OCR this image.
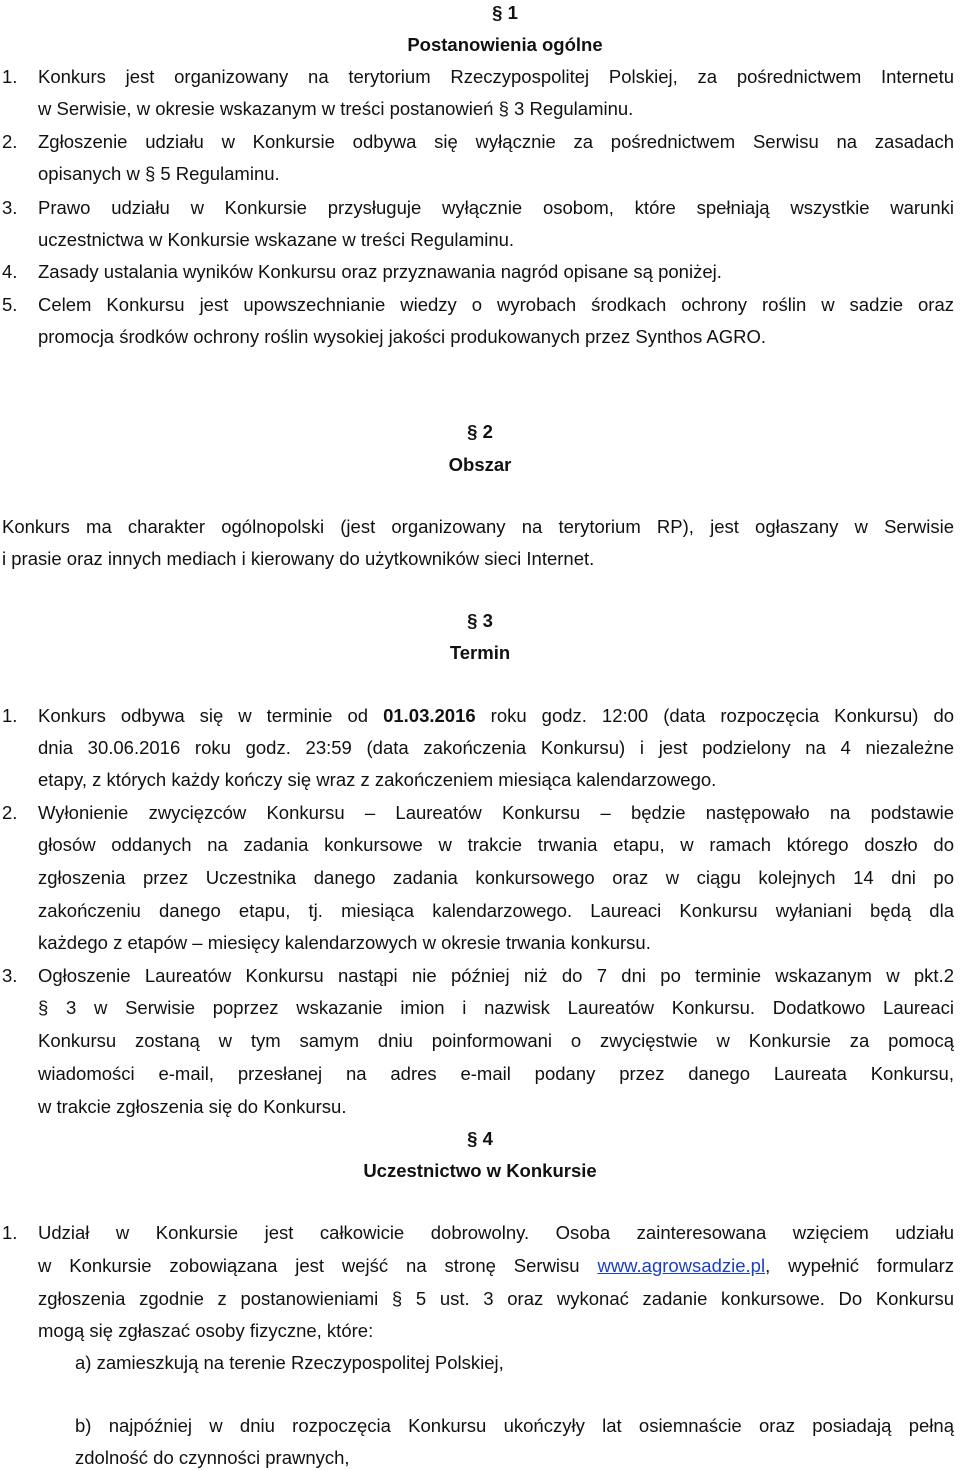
§ 1
Postanowienia ogólne
1. Konkurs jest organizowany na terytorium Rzeczypospolitej Polskiej, za pośrednictwem Internetu
w Serwisie, w okresie wskazanym w treści postanowień § 3 Regulaminu.
2. Zgłoszenie udziału w Konkursie odbywa się wyłącznie za pośrednictwem Serwisu na zasadach
opisanych w § 5 Regulaminu.
3. Prawo udziału w Konkursie przysługuje wyłącznie osobom, które spełniają wszystkie warunki
uczestnictwa w Konkursie wskazane w treści Regulaminu.
4. Zasady ustalania wyników Konkursu oraz przyznawania nagród opisane są poniżej.
5. Celem Konkursu jest upowszechnianie wiedzy o wyrobach środkach ochrony roślin w sadzie oraz
promocja środków ochrony roślin wysokiej jakości produkowanych przez Synthos AGRO.
§ 2
Obszar
Konkurs ma charakter ogólnopolski (jest organizowany na terytorium RP), jest ogłaszany w Serwisie
i prasie oraz innych mediach i kierowany do użytkowników sieci Internet.
§ 3
Termin
1. Konkurs odbywa się w terminie od 01.03.2016 roku godz. 12:00 (data rozpoczęcia Konkursu) do
dnia 30.06.2016 roku godz. 23:59 (data zakończenia Konkursu) i jest podzielony na 4 niezależne
etapy, z których każdy kończy się wraz z zakończeniem miesiąca kalendarzowego.
2. Wyłonienie zwycięzców Konkursu – Laureatów Konkursu – będzie następowało na podstawie
głosów oddanych na zadania konkursowe w trakcie trwania etapu, w ramach którego doszło do
zgłoszenia przez Uczestnika danego zadania konkursowego oraz w ciągu kolejnych 14 dni po
zakończeniu danego etapu, tj. miesiąca kalendarzowego. Laureaci Konkursu wyłaniani będą dla
każdego z etapów – miesięcy kalendarzowych w okresie trwania konkursu.
3. Ogłoszenie Laureatów Konkursu nastąpi nie później niż do 7 dni po terminie wskazanym w pkt.2
§ 3 w Serwisie poprzez wskazanie imion i nazwisk Laureatów Konkursu. Dodatkowo Laureaci
Konkursu zostaną w tym samym dniu poinformowani o zwycięstwie w Konkursie za pomocą
wiadomości e-mail, przesłanej na adres e-mail podany przez danego Laureata Konkursu,
w trakcie zgłoszenia się do Konkursu.
§ 4
Uczestnictwo w Konkursie
1. Udział w Konkursie jest całkowicie dobrowolny. Osoba zainteresowana wzięciem udziału
w Konkursie zobowiązana jest wejść na stronę Serwisu www.agrowsadzie.pl, wypełnić formularz
zgłoszenia zgodnie z postanowieniami § 5 ust. 3 oraz wykonać zadanie konkursowe. Do Konkursu
mogą się zgłaszać osoby fizyczne, które:
a) zamieszkują na terenie Rzeczypospolitej Polskiej,
b) najpóźniej w dniu rozpoczęcia Konkursu ukończyły lat osiemnaście oraz posiadają pełną
zdolność do czynności prawnych,
